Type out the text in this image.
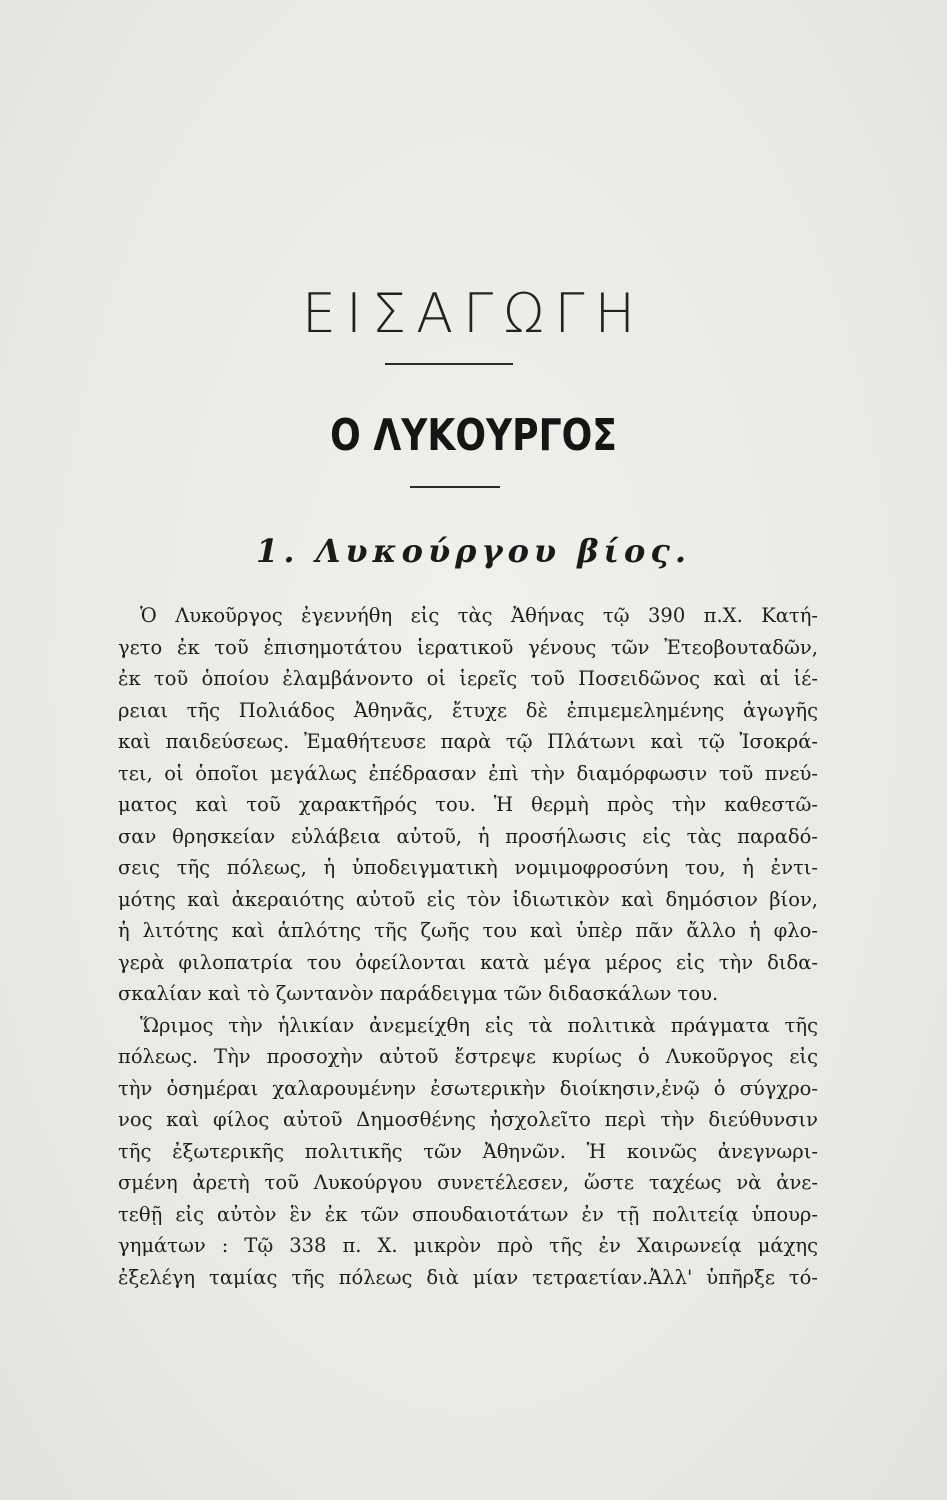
ΕΙΣΑΓΩΓΗ
Ο ΛΥΚΟΥΡΓΟΣ
1. Λυκούργου βίος.
Ὁ Λυκοῦργος ἐγεννήθη εἰς τὰς Ἀθήνας τῷ 390 π.Χ. Κατή-
γετο ἐκ τοῦ ἐπισημοτάτου ἱερατικοῦ γένους τῶν Ἐτεοβουταδῶν,
ἐκ τοῦ ὁποίου ἐλαμβάνοντο οἱ ἱερεῖς τοῦ Ποσειδῶνος καὶ αἱ ἱέ-
ρειαι τῆς Πολιάδος Ἀθηνᾶς, ἔτυχε δὲ ἐπιμεμελημένης ἀγωγῆς
καὶ παιδεύσεως. Ἐμαθήτευσε παρὰ τῷ Πλάτωνι καὶ τῷ Ἰσοκρά-
τει, οἱ ὁποῖοι μεγάλως ἐπέδρασαν ἐπὶ τὴν διαμόρφωσιν τοῦ πνεύ-
ματος καὶ τοῦ χαρακτῆρός του. Ἡ θερμὴ πρὸς τὴν καθεστῶ-
σαν θρησκείαν εὐλάβεια αὐτοῦ, ἡ προσήλωσις εἰς τὰς παραδό-
σεις τῆς πόλεως, ἡ ὑποδειγματικὴ νομιμοφροσύνη του, ἡ ἐντι-
μότης καὶ ἀκεραιότης αὐτοῦ εἰς τὸν ἰδιωτικὸν καὶ δημόσιον βίον,
ἡ λιτότης καὶ ἁπλότης τῆς ζωῆς του καὶ ὑπὲρ πᾶν ἄλλο ἡ φλο-
γερὰ φιλοπατρία του ὀφείλονται κατὰ μέγα μέρος εἰς τὴν διδα-
σκαλίαν καὶ τὸ ζωντανὸν παράδειγμα τῶν διδασκάλων του.
Ὥριμος τὴν ἡλικίαν ἀνεμείχθη εἰς τὰ πολιτικὰ πράγματα τῆς
πόλεως. Τὴν προσοχὴν αὐτοῦ ἔστρεψε κυρίως ὁ Λυκοῦργος εἰς
τὴν ὁσημέραι χαλαρουμένην ἐσωτερικὴν διοίκησιν,ἐνῷ ὁ σύγχρο-
νος καὶ φίλος αὐτοῦ Δημοσθένης ἠσχολεῖτο περὶ τὴν διεύθυνσιν
τῆς ἐξωτερικῆς πολιτικῆς τῶν Ἀθηνῶν. Ἡ κοινῶς ἀνεγνωρι-
σμένη ἀρετὴ τοῦ Λυκούργου συνετέλεσεν, ὥστε ταχέως νὰ ἀνε-
τεθῇ εἰς αὐτὸν ἓν ἐκ τῶν σπουδαιοτάτων ἐν τῇ πολιτείᾳ ὑπουρ-
γημάτων : Τῷ 338 π. Χ. μικρὸν πρὸ τῆς ἐν Χαιρωνείᾳ μάχης
ἐξελέγη ταμίας τῆς πόλεως διὰ μίαν τετραετίαν.Ἀλλ' ὑπῆρξε τό-
